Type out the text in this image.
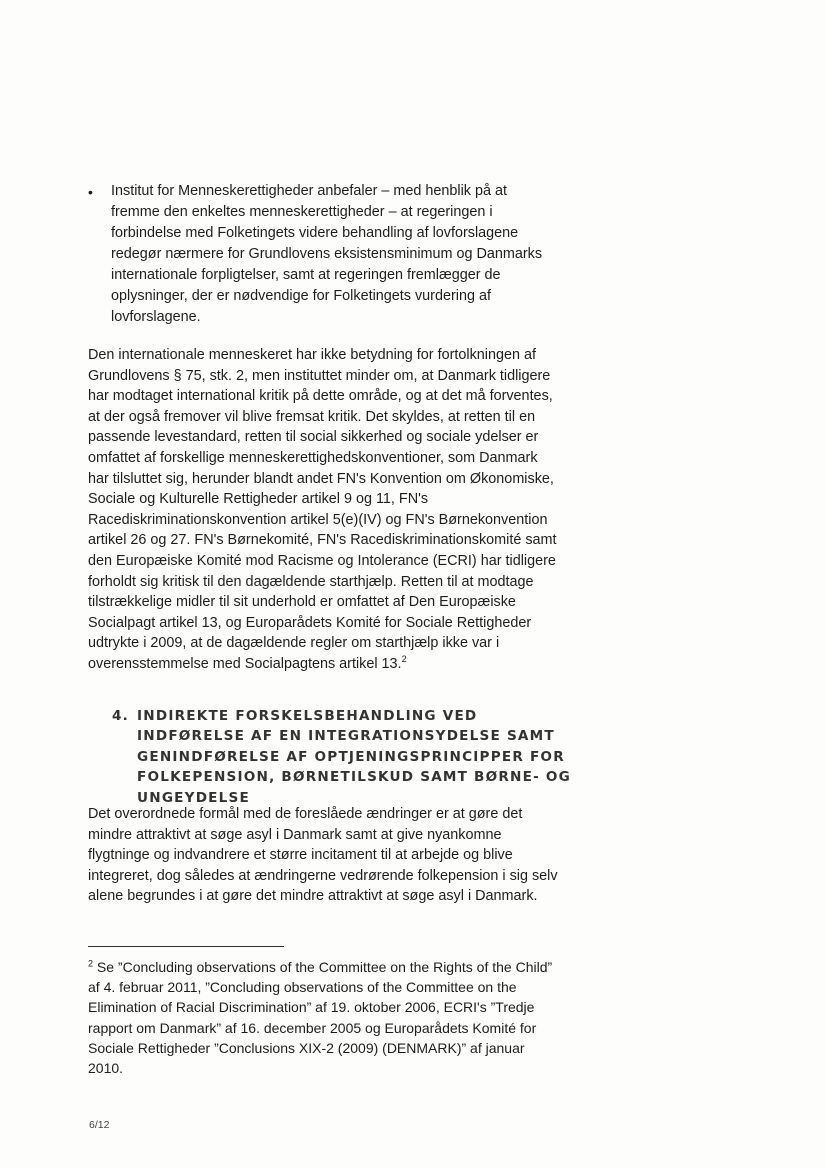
• Institut for Menneskerettigheder anbefaler – med henblik på at fremme den enkeltes menneskerettigheder – at regeringen i forbindelse med Folketingets videre behandling af lovforslagene redegør nærmere for Grundlovens eksistensminimum og Danmarks internationale forpligtelser, samt at regeringen fremlægger de oplysninger, der er nødvendige for Folketingets vurdering af lovforslagene.

Den internationale menneskeret har ikke betydning for fortolkningen af Grundlovens § 75, stk. 2, men instituttet minder om, at Danmark tidligere har modtaget international kritik på dette område, og at det må forventes, at der også fremover vil blive fremsat kritik. Det skyldes, at retten til en passende levestandard, retten til social sikkerhed og sociale ydelser er omfattet af forskellige menneskerettighedskonventioner, som Danmark har tilsluttet sig, herunder blandt andet FN's Konvention om Økonomiske, Sociale og Kulturelle Rettigheder artikel 9 og 11, FN's Racediskriminationskonvention artikel 5(e)(IV) og FN's Børnekonvention artikel 26 og 27. FN's Børnekomité, FN's Racediskriminationskomité samt den Europæiske Komité mod Racisme og Intolerance (ECRI) har tidligere forholdt sig kritisk til den dagældende starthjælp. Retten til at modtage tilstrækkelige midler til sit underhold er omfattet af Den Europæiske Socialpagt artikel 13, og Europarådets Komité for Sociale Rettigheder udtrykte i 2009, at de dagældende regler om starthjælp ikke var i overensstemmelse med Socialpagtens artikel 13.$^2$

4. INDIREKTE FORSKELSBEHANDLING VED INDFØRELSE AF EN INTEGRATIONSYDELSE SAMT GENINDFØRELSE AF OPTJENINGSPRINCIPPER FOR FOLKEPENSION, BØRNETILSKUD SAMT BØRNE- OG UNGEYDELSE

Det overordnede formål med de foreslåede ændringer er at gøre det mindre attraktivt at søge asyl i Danmark samt at give nyankomne flygtninge og indvandrere et større incitament til at arbejde og blive integreret, dog således at ændringerne vedrørende folkepension i sig selv alene begrundes i at gøre det mindre attraktivt at søge asyl i Danmark.

$^2$ Se ”Concluding observations of the Committee on the Rights of the Child” af 4. februar 2011, ”Concluding observations of the Committee on the Elimination of Racial Discrimination” af 19. oktober 2006, ECRI's ”Tredje rapport om Danmark” af 16. december 2005 og Europarådets Komité for Sociale Rettigheder ”Conclusions XIX-2 (2009) (DENMARK)” af januar 2010.

6/12
